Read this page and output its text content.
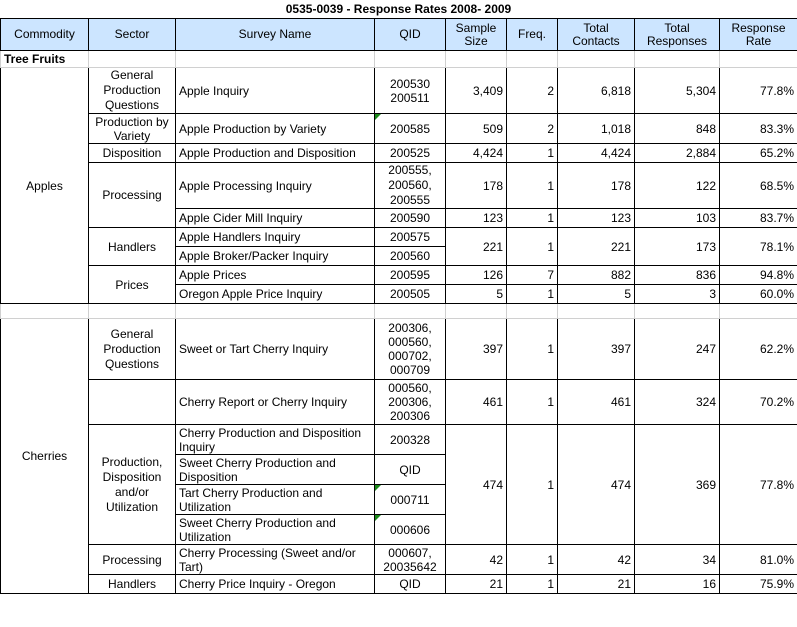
0535-0039 - Response Rates 2008- 2009
Commodity	Sector	Survey Name	QID	Sample Size	Freq.	Total Contacts	Total Responses	Response Rate
Tree Fruits								
Apples	General Production Questions	Apple Inquiry	200530 200511	3,409	2	6,818	5,304	77.8%
	Production by Variety	Apple Production by Variety	200585	509	2	1,018	848	83.3%
	Disposition	Apple Production and Disposition	200525	4,424	1	4,424	2,884	65.2%
	Processing	Apple Processing Inquiry	200555, 200560, 200555	178	1	178	122	68.5%
		Apple Cider Mill Inquiry	200590	123	1	123	103	83.7%
	Handlers	Apple Handlers Inquiry	200575	221	1	221	173	78.1%
		Apple Broker/Packer Inquiry	200560					
	Prices	Apple Prices	200595	126	7	882	836	94.8%
		Oregon Apple Price Inquiry	200505	5	1	5	3	60.0%

Cherries	General Production Questions	Sweet or Tart Cherry Inquiry	200306, 000560, 000702, 000709	397	1	397	247	62.2%
		Cherry Report or Cherry Inquiry	000560, 200306, 200306	461	1	461	324	70.2%
	Production, Disposition and/or Utilization	Cherry Production and Disposition Inquiry	200328	474	1	474	369	77.8%
		Sweet Cherry Production and Disposition	QID					
		Tart Cherry Production and Utilization	000711					
		Sweet Cherry Production and Utilization	000606					
	Processing	Cherry Processing (Sweet and/or Tart)	000607, 20035642	42	1	42	34	81.0%
	Handlers	Cherry Price Inquiry - Oregon	QID	21	1	21	16	75.9%
